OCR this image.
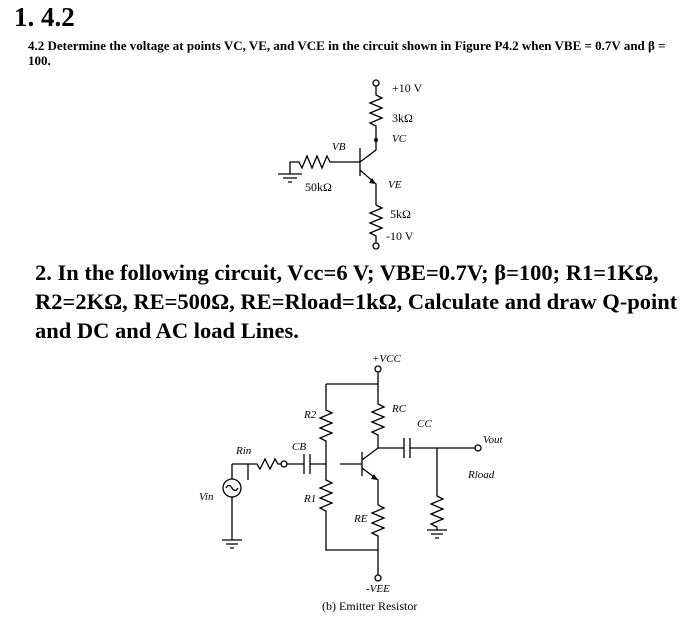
1. 4.2
4.2 Determine the voltage at points VC, VE, and VCE in the circuit shown in Figure P4.2 when VBE = 0.7V and β = 100.
2. In the following circuit, Vcc=6 V; VBE=0.7V; β=100; R1=1KΩ, R2=2KΩ, RE=500Ω, RE=Rload=1kΩ, Calculate and draw Q-point and DC and AC load Lines.
+10 V
3kΩ
VC
VB
50kΩ	VE
5kΩ
-10 V
+VCC
R2
R1
RC
RE
CC
CB
Rin
Vin
Vout
Rload
-VEE
(b) Emitter Resistor
